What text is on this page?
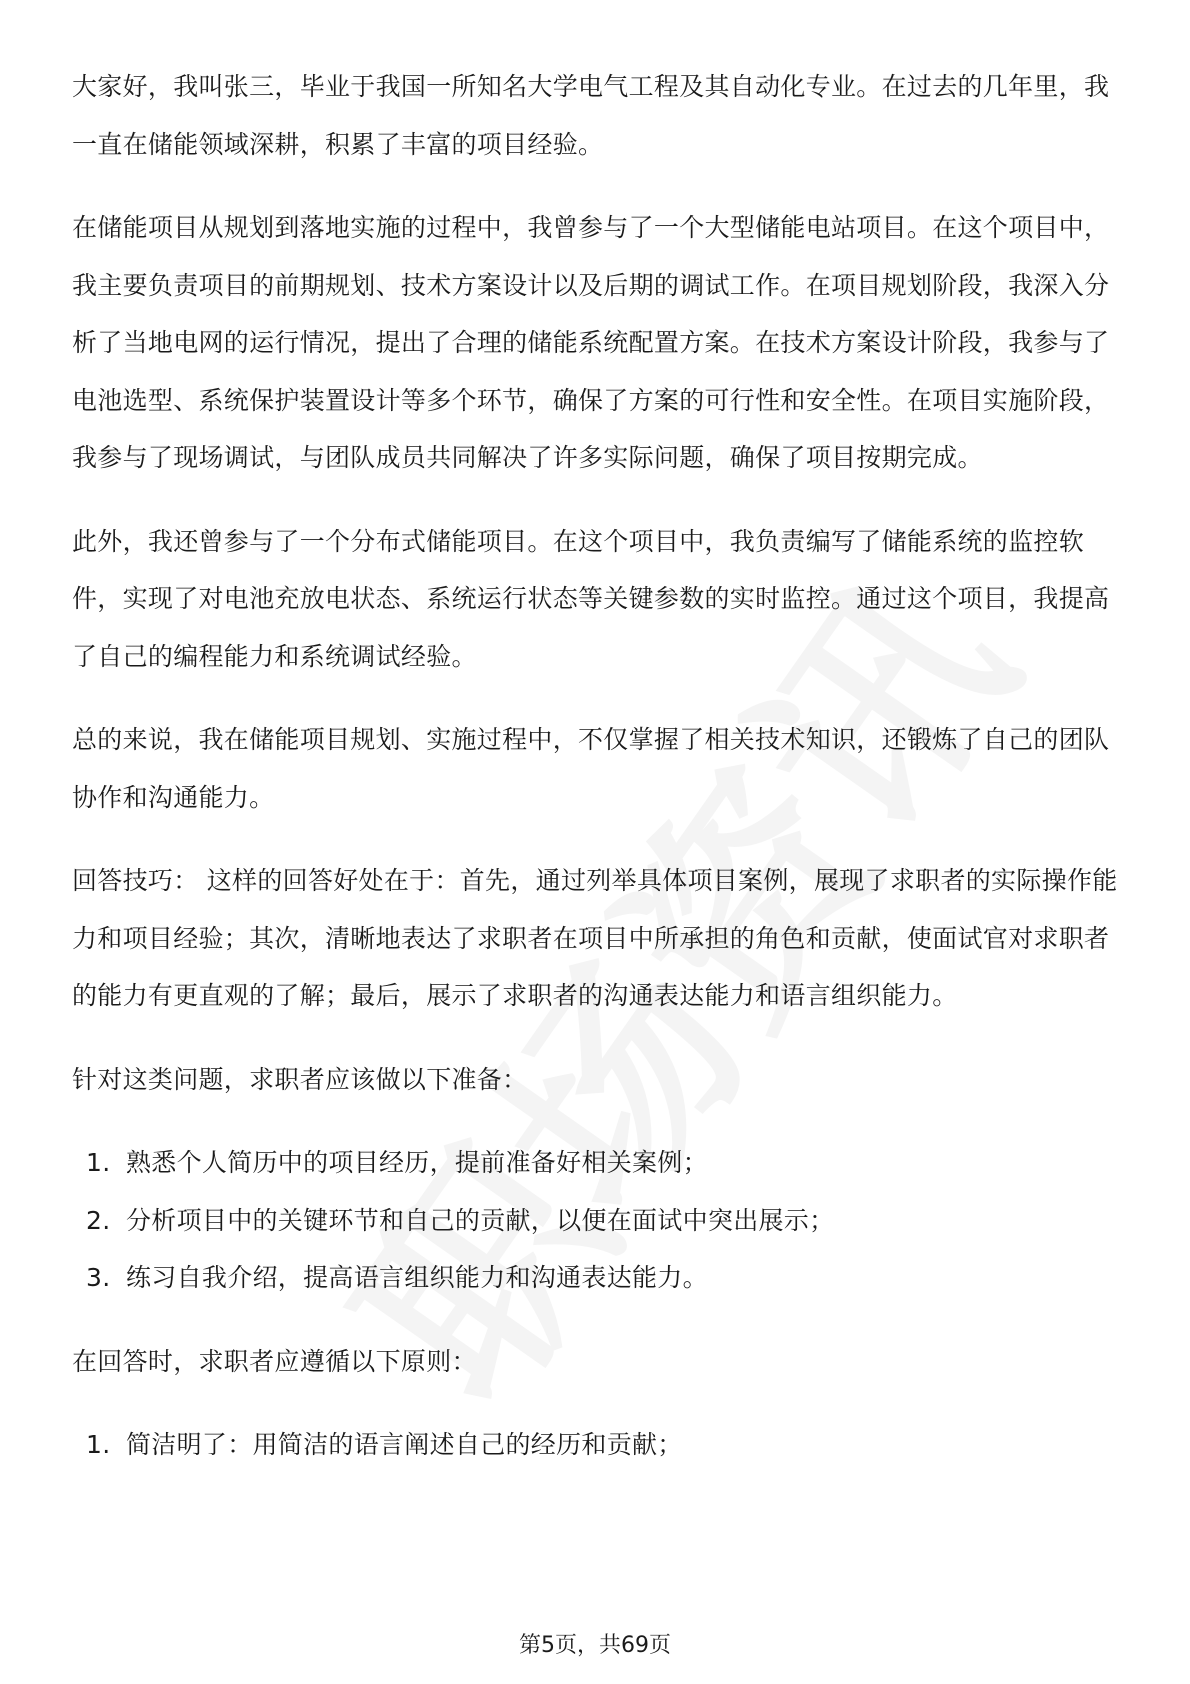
大家好，我叫张三，毕业于我国一所知名大学电气工程及其自动化专业。在过去的几年里，我一直在储能领域深耕，积累了丰富的项目经验。

在储能项目从规划到落地实施的过程中，我曾参与了一个大型储能电站项目。在这个项目中，我主要负责项目的前期规划、技术方案设计以及后期的调试工作。在项目规划阶段，我深入分析了当地电网的运行情况，提出了合理的储能系统配置方案。在技术方案设计阶段，我参与了电池选型、系统保护装置设计等多个环节，确保了方案的可行性和安全性。在项目实施阶段，我参与了现场调试，与团队成员共同解决了许多实际问题，确保了项目按期完成。

此外，我还曾参与了一个分布式储能项目。在这个项目中，我负责编写了储能系统的监控软件，实现了对电池充放电状态、系统运行状态等关键参数的实时监控。通过这个项目，我提高了自己的编程能力和系统调试经验。

总的来说，我在储能项目规划、实施过程中，不仅掌握了相关技术知识，还锻炼了自己的团队协作和沟通能力。

回答技巧： 这样的回答好处在于：首先，通过列举具体项目案例，展现了求职者的实际操作能力和项目经验；其次，清晰地表达了求职者在项目中所承担的角色和贡献，使面试官对求职者的能力有更直观的了解；最后，展示了求职者的沟通表达能力和语言组织能力。

针对这类问题，求职者应该做以下准备：

1. 熟悉个人简历中的项目经历，提前准备好相关案例；
2. 分析项目中的关键环节和自己的贡献，以便在面试中突出展示；
3. 练习自我介绍，提高语言组织能力和沟通表达能力。

在回答时，求职者应遵循以下原则：

1. 简洁明了：用简洁的语言阐述自己的经历和贡献；
第5页，共69页
